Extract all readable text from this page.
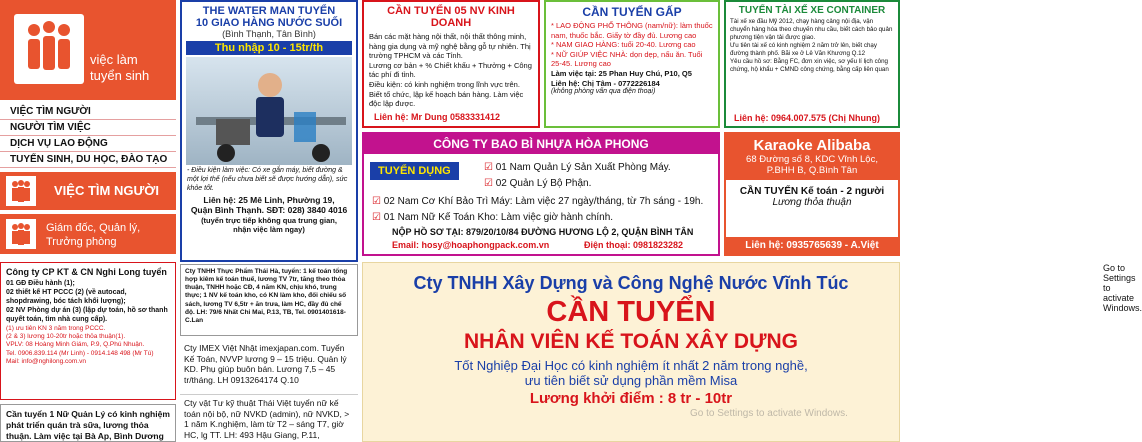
việc làm
tuyển sinh
VIỆC TÌM NGƯỜI
NGƯỜI TÌM VIỆC
DỊCH VỤ LAO ĐỘNG
TUYỂN SINH, DU HỌC, ĐÀO TẠO
VIỆC TÌM NGƯỜI
Giám đốc, Quản lý,
Trưởng phòng
Công ty CP KT & CN Nghi Long tuyển
01 GĐ Điều hành (1);
02 thiết kế HT PCCC (2) (về autocad, shopdrawing, bóc tách khối lượng);
02 NV Phòng dự án (3) (lập dự toán, hồ sơ thanh quyết toán, tìm nhà cung cấp).
(1) ưu tiên KN 3 năm trong PCCC.
(2 & 3) lương 10-20tr hoặc thỏa thuận(1).
VPLV: 08 Hoàng Minh Giám, P.9, Q.Phú Nhuận.
Tel. 0906.839.114 (Mr Linh) - 0914.148 498 (Mr Tú)
Mail: info@nghilong.com.vn
Cần tuyển 1 Nữ Quản Lý có kinh nghiệm
phát triển quán trà sữa, lương thỏa
thuận. Làm việc tại Bà Ap, Bình Dương
THE WATER MAN TUYỂN
10 GIAO HÀNG NƯỚC SUỐI
(Bình Thạnh, Tân Bình)
Thu nhập 10 - 15tr/th
- Điều kiện làm việc: Có xe gắn máy, biết đường & một lợi thế (nếu chưa biết sẽ được hướng dẫn), sức khỏe tốt.
Liên hệ: 25 Mê Linh, Phường 19,
Quận Bình Thạnh. SĐT: 028) 3840 4016
(tuyển trực tiếp không qua trung gian,
nhận việc làm ngay)
CẦN TUYỂN 05 NV KINH DOANH
Bán các mặt hàng nội thất, nội thất thông minh, hàng gia dụng và mỹ nghệ bằng gỗ tự nhiên. Thị trường TPHCM và các Tỉnh.
Lương cơ bản + % Chiết khấu + Thưởng + Công tác phí đi tỉnh.
Điều kiện: có kinh nghiệm trong lĩnh vực trên. Biết tổ chức, lập kế hoạch bán hàng. Làm việc độc lập được.
Liên hệ: Mr Dung 0583331412
CẦN TUYỂN GẤP
* LAO ĐỘNG PHỔ THÔNG (nam/nữ): làm thuốc nam, thuốc bắc. Giấy tờ đầy đủ. Lương cao
* NAM GIAO HÀNG: tuổi 20-40. Lương cao
* NỮ GIÚP VIỆC NHÀ: dọn dẹp, nấu ăn. Tuổi 25-45. Lương cao
Làm việc tại: 25 Phan Huy Chú, P10, Q5
Liên hệ: Chị Tâm - 0772226184
(không phòng vấn qua điện thoại)
TUYỂN TÀI XẾ XE CONTAINER
Tài xế xe đầu Mỹ 2012, chạy hàng cảng nội địa, vận chuyển hàng hóa theo chuyến nhu cầu, biết cách bảo quản phương tiện vận tải được giao.
Ưu tiên tài xế có kinh nghiệm 2 năm trở lên, biết chạy đường thành phố. Bãi xe ở Lê Văn Khương Q.12
Yêu cầu hồ sơ: Bằng FC, đơn xin việc, sơ yếu lí lịch công chứng, hộ khẩu + CMND công chứng, bằng cấp liên quan
Liên hệ: 0964.007.575 (Chị Nhung)
CÔNG TY BAO BÌ NHỰA HÒA PHONG
TUYỂN DỤNG	☑ 01 Nam Quản Lý Sản Xuất Phòng Máy.
☑ 02 Quản Lý Bộ Phận.
☑ 02 Nam Cơ Khí Bảo Trì Máy: Làm việc 27 ngày/tháng, từ 7h sáng - 19h.
☑ 01 Nam Nữ Kế Toán Kho: Làm việc giờ hành chính.
NỘP HỒ SƠ TẠI: 879/20/10/84 ĐƯỜNG HƯƠNG LỘ 2, QUẬN BÌNH TÂN
Email: hosy@hoaphongpack.com.vn	Điện thoại: 0981823282
Karaoke Alibaba
68 Đường số 8, KDC Vĩnh Lộc,
P.BHH B, Q.Bình Tân
CẦN TUYỂN Kế toán - 2 người
Lương thỏa thuận
Liên hệ: 0935765639 - A.Việt
Cty TNHH Thực Phẩm Thái Hà, tuyển: 1 kế toán tổng hợp kiêm kế toán thuế, lương TV 7tr, tăng theo thỏa thuận, TNHH hoặc CĐ, 4 năm KN, chịu khó, trung thực; 1 NV kế toán kho, có KN làm kho, đối chiếu số sách, lương TV 6,5tr + ăn trưa, làm HC, đầy đủ chế độ. LH: 79/6 Nhất Chi Mai, P.13, TB, Tel. 0901401618-C.Lan
Cty IMEX Việt Nhật imexjapan.com. Tuyển Kế Toán, NVVP lương 9 – 15 triệu. Quản lý KD. Phụ giúp buôn bán. Lương 7,5 – 45 tr/tháng. LH 0913264174 Q.10
Cty vật Tư kỹ thuật Thái Việt tuyển nữ kế toán nội bộ, nữ NVKD (admin), nữ NVKD, > 1 năm K.nghiệm, làm từ T2 – sáng T7, giờ HC, lg TT. LH: 493 Hậu Giang, P.11,
Cty TNHH Xây Dựng và Công Nghệ Nước Vĩnh Túc
CẦN TUYỂN
NHÂN VIÊN KẾ TOÁN XÂY DỰNG
Tốt Nghiệp Đại Học có kinh nghiệm ít nhất 2 năm trong nghề,
ưu tiên biết sử dụng phần mềm Misa
Lương khởi điểm : 8 tr - 10tr
Go to Settings to activate Windows.
Go to Settings to activate Windows.
